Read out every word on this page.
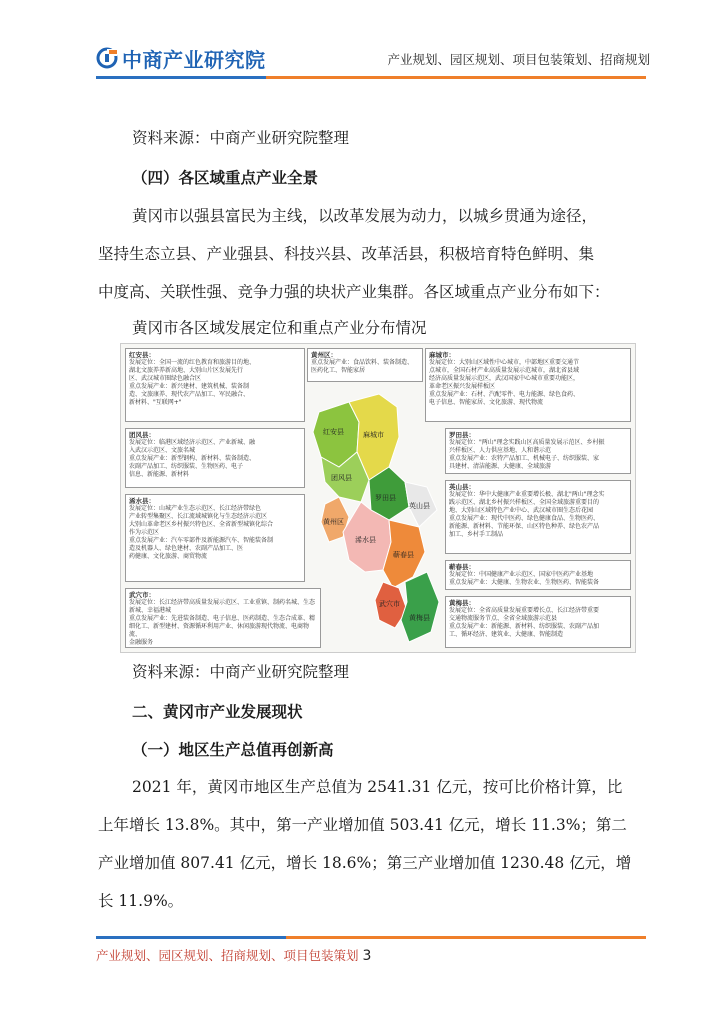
中商产业研究院	产业规划、园区规划、项目包装策划、招商规划
资料来源：中商产业研究院整理
（四）各区域重点产业全景
黄冈市以强县富民为主线，以改革发展为动力，以城乡贯通为途径，
坚持生态立县、产业强县、科技兴县、改革活县，积极培育特色鲜明、集
中度高、关联性强、竞争力强的块状产业集群。各区域重点产业分布如下：
黄冈市各区域发展定位和重点产业分布情况
红安县：
发展定位：全国一流的红色教育和旅游目的地、
湖北文旅养养新高地、大别山片区发展先行
区、武汉城市圈绿色融合区
重点发展产业：新兴建材、建筑机械、装备制
造、文旅康养、现代农产品加工、军民融合、
新材料、"互联网+"
黄州区：
重点发展产业：食品饮料、装备制造、
医药化工、智能家居
麻城市：
发展定位：大别山区域性中心城市，中部地区重要交通节
点城市，全国石材产业高质量发展示范城市，湖北省县域
经济高质量发展示范区，武汉国家中心城市重要功能区，
革命老区振兴发展样板区
重点发展产业：石材、汽配零件、电力能源、绿色食药、
电子信息、智能家居、文化旅游、现代物流
团风县：
发展定位：临港区域经济示范区、产业新城、融
入武汉示范区、文旅名城
重点发展产业：新型钢构、新材料、装备制造、
农副产品加工、纺织服装、生物医药、电子
信息、新能源、新材料
罗田县：
发展定位："两山"理念实践山区高质量发展示范区、乡村振
兴样板区、人力供应基地、人和谐示范
重点发展产业：农特产品加工、机械电子、纺织服装、家
具建材、清洁能源、大健康、全域旅游
浠水县：
发展定位：山城产业生态示范区、长江经济带绿色
产业转型集聚区、长江流域城镇化与生态经济示范区
大别山革命老区乡村振兴特色区、全省新型城镇化综合
作为示范区
重点发展产业：汽车零部件及新能源汽车、智能装备制
造及机器人、绿色建材、农副产品加工、医
药健康、文化旅游、商贸物流
英山县：
发展定位：华中大健康产业重要增长极、湖北"两山"理念实
践示范区、湖北乡村振兴样板区、全国全域旅游重要目的
地、大别山区域特色产业中心、武汉城市圈生态后花园
重点发展产业：现代中医药、绿色健康食品、生物医药、
新能源、新材料、节能环保、山区特色种养、绿色农产品
加工、乡村手工制品
蕲春县：
发展定位：中国健康产业示范区、国家中医药产业基地
重点发展产业：大健康、生物农业、生物医药、智能装备
武穴市：
发展定位：长江经济带高质量发展示范区、工业重镇、制药名城、生态
新城、幸福港城
重点发展产业：先进装备制造、电子信息、医药制造、生态合成革、精
细化工、新型建材、资源循环利用产业、休闲旅游现代物流、电商物流、
金融服务
黄梅县：
发展定位：全省高质量发展重要增长点、长江经济带重要
交通物流服务节点、全省全域旅游示范县
重点发展产业：新能源、新材料、纺织服装、农副产品加
工、循环经济、建筑业、大健康、智能制造
红安县	麻城市
团风县
黄州区
罗田县
英山县
浠水县
蕲春县
武穴市
黄梅县
资料来源：中商产业研究院整理
二、黄冈市产业发展现状
（一）地区生产总值再创新高
2021 年，黄冈市地区生产总值为 2541.31 亿元，按可比价格计算，比
上年增长 13.8%。其中，第一产业增加值 503.41 亿元，增长 11.3%；第二
产业增加值 807.41 亿元，增长 18.6%；第三产业增加值 1230.48 亿元，增
长 11.9%。
产业规划、园区规划、招商规划、项目包装策划 3
